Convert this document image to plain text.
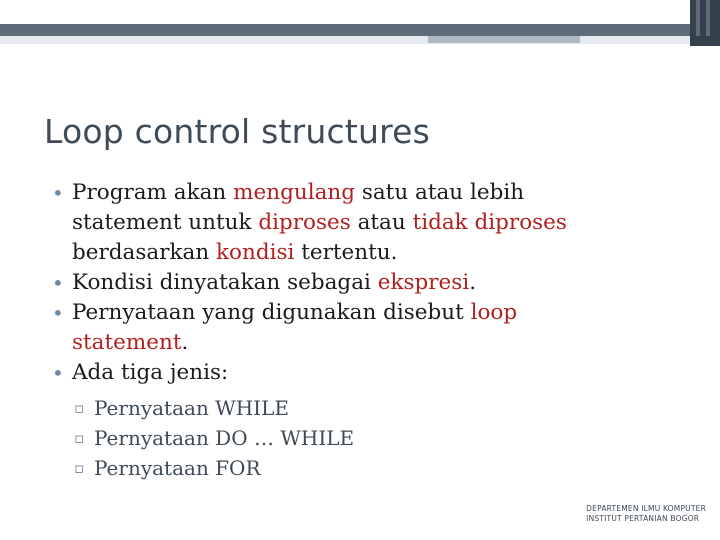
Loop control structures
• Program akan mengulang satu atau lebih statement untuk diproses atau tidak diproses berdasarkan kondisi tertentu.
• Kondisi dinyatakan sebagai ekspresi.
• Pernyataan yang digunakan disebut loop statement.
• Ada tiga jenis:
▫ Pernyataan WHILE
▫ Pernyataan DO … WHILE
▫ Pernyataan FOR
DEPARTEMEN ILMU KOMPUTER
INSTITUT PERTANIAN BOGOR
